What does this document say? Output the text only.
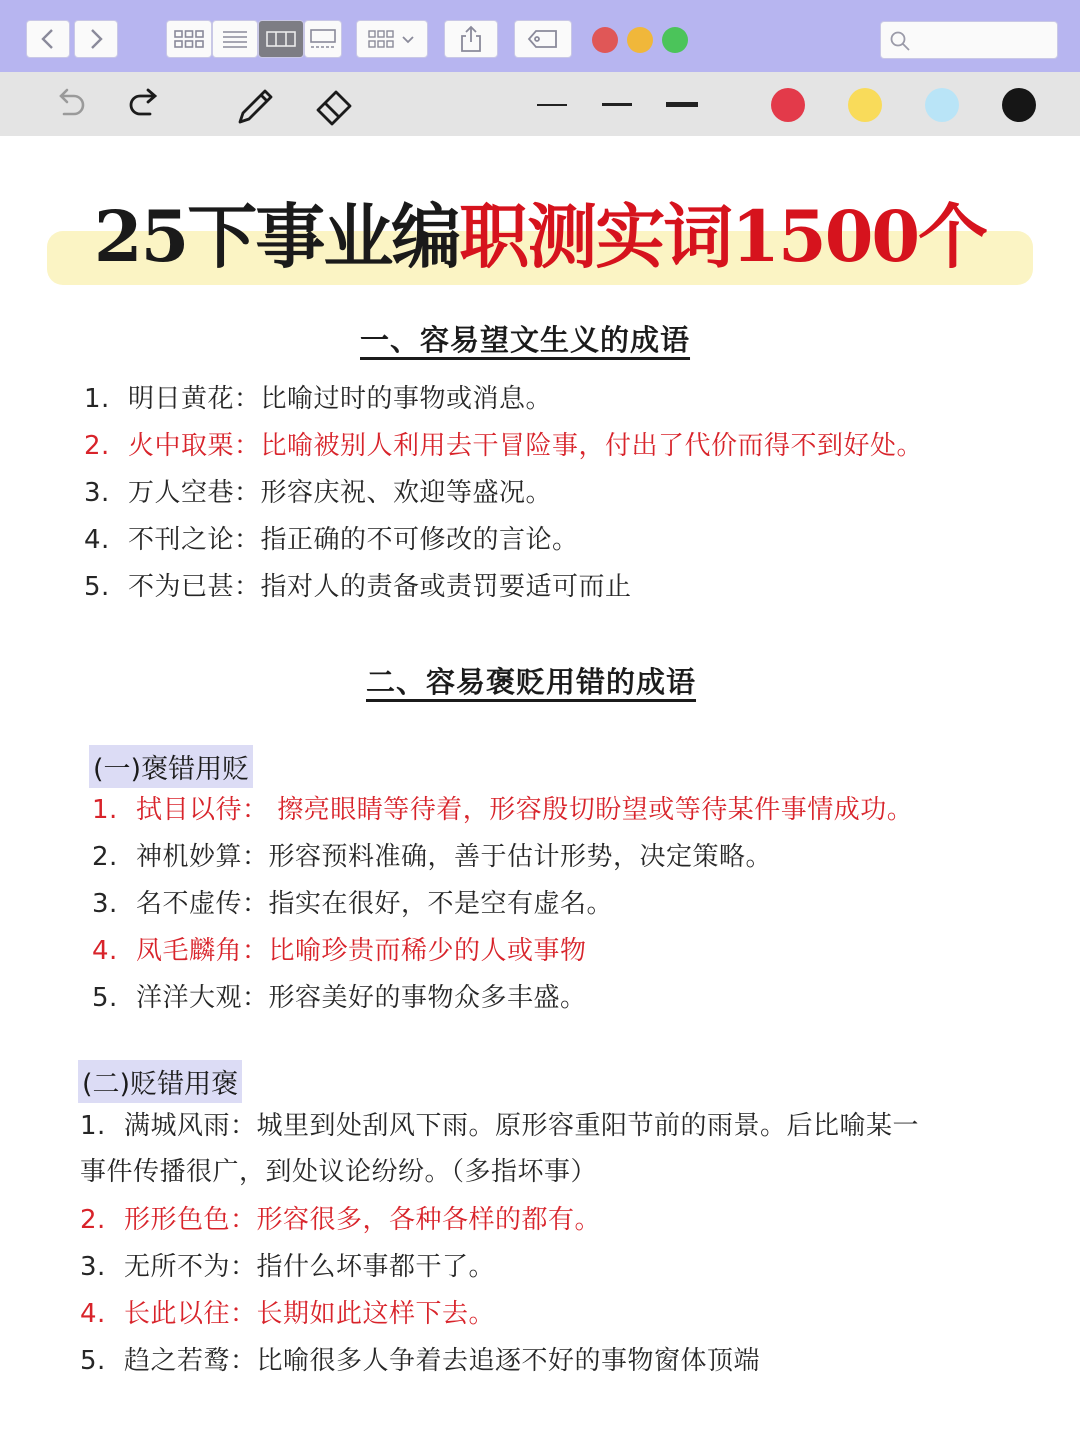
25下事业编职测实词1500个
一、容易望文生义的成语
1. 明日黄花：比喻过时的事物或消息。
2. 火中取栗：比喻被别人利用去干冒险事，付出了代价而得不到好处。
3. 万人空巷：形容庆祝、欢迎等盛况。
4. 不刊之论：指正确的不可修改的言论。
5. 不为已甚：指对人的责备或责罚要适可而止
二、容易褒贬用错的成语
(一)褒错用贬
1. 拭目以待： 擦亮眼睛等待着，形容殷切盼望或等待某件事情成功。
2. 神机妙算：形容预料准确，善于估计形势，决定策略。
3. 名不虚传：指实在很好，不是空有虚名。
4. 凤毛麟角：比喻珍贵而稀少的人或事物
5. 洋洋大观：形容美好的事物众多丰盛。
(二)贬错用褒
1. 满城风雨：城里到处刮风下雨。原形容重阳节前的雨景。后比喻某一
事件传播很广，到处议论纷纷。（多指坏事）
2. 形形色色：形容很多，各种各样的都有。
3. 无所不为：指什么坏事都干了。
4. 长此以往：长期如此这样下去。
5. 趋之若鹜：比喻很多人争着去追逐不好的事物窗体顶端
